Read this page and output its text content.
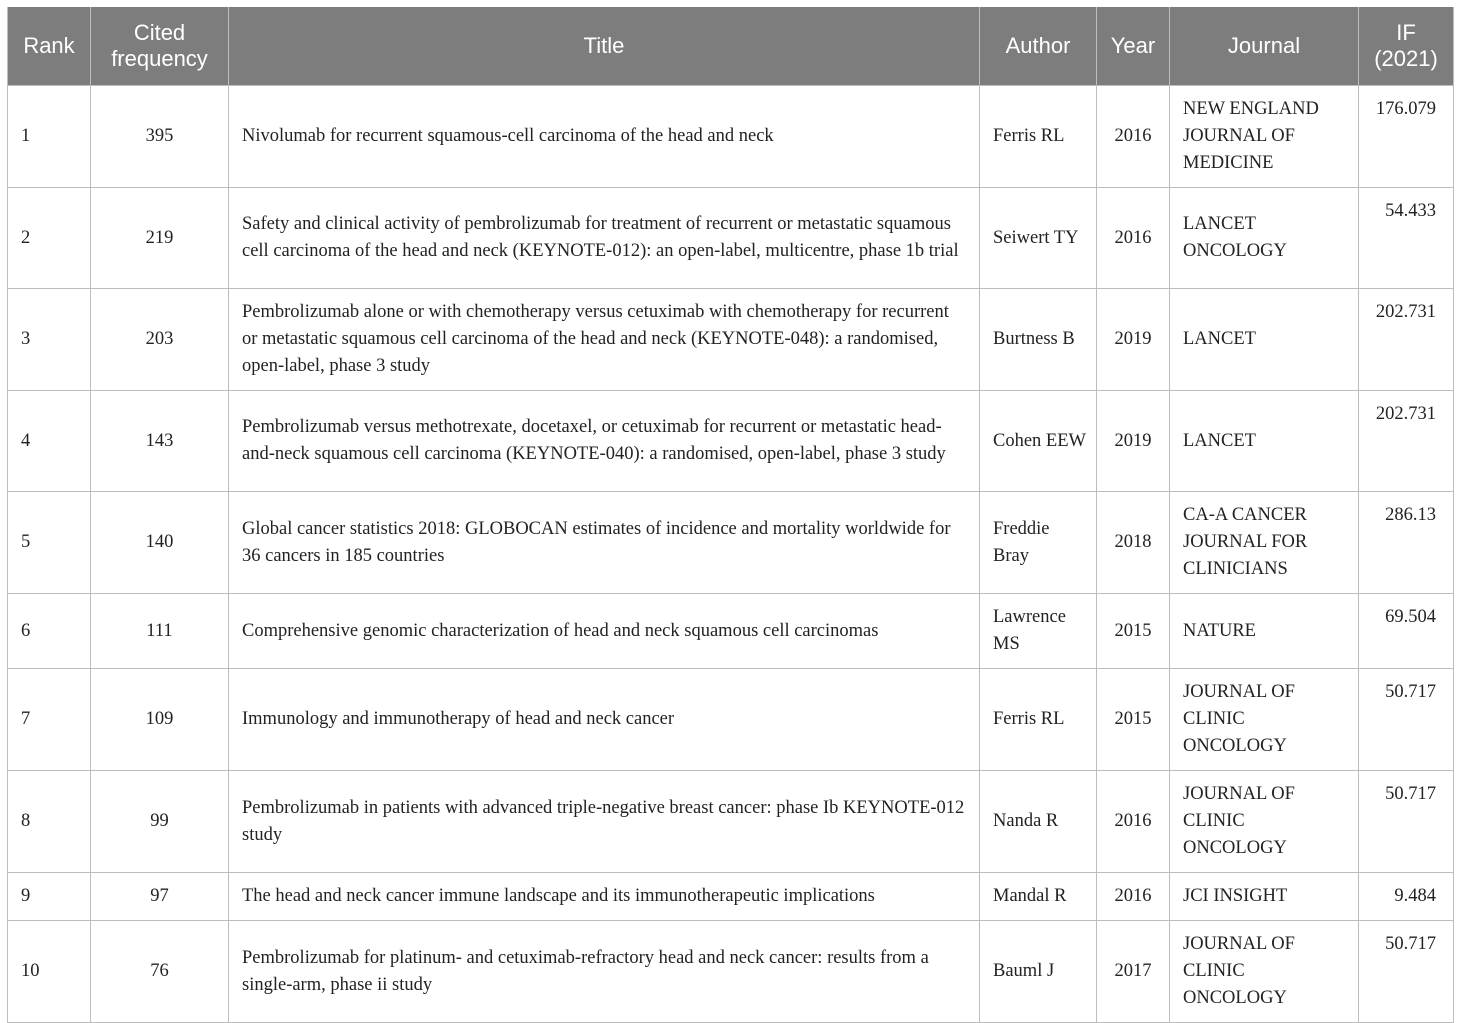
Rank	Cited frequency	Title	Author	Year	Journal	IF (2021)
1	395	Nivolumab for recurrent squamous-cell carcinoma of the head and neck	Ferris RL	2016	NEW ENGLAND JOURNAL OF MEDICINE	176.079
2	219	Safety and clinical activity of pembrolizumab for treatment of recurrent or metastatic squamous cell carcinoma of the head and neck (KEYNOTE-012): an open-label, multicentre, phase 1b trial	Seiwert TY	2016	LANCET ONCOLOGY	54.433
3	203	Pembrolizumab alone or with chemotherapy versus cetuximab with chemotherapy for recurrent or metastatic squamous cell carcinoma of the head and neck (KEYNOTE-048): a randomised, open-label, phase 3 study	Burtness B	2019	LANCET	202.731
4	143	Pembrolizumab versus methotrexate, docetaxel, or cetuximab for recurrent or metastatic head-and-neck squamous cell carcinoma (KEYNOTE-040): a randomised, open-label, phase 3 study	Cohen EEW	2019	LANCET	202.731
5	140	Global cancer statistics 2018: GLOBOCAN estimates of incidence and mortality worldwide for 36 cancers in 185 countries	Freddie Bray	2018	CA-A CANCER JOURNAL FOR CLINICIANS	286.13
6	111	Comprehensive genomic characterization of head and neck squamous cell carcinomas	Lawrence MS	2015	NATURE	69.504
7	109	Immunology and immunotherapy of head and neck cancer	Ferris RL	2015	JOURNAL OF CLINIC ONCOLOGY	50.717
8	99	Pembrolizumab in patients with advanced triple-negative breast cancer: phase Ib KEYNOTE-012 study	Nanda R	2016	JOURNAL OF CLINIC ONCOLOGY	50.717
9	97	The head and neck cancer immune landscape and its immunotherapeutic implications	Mandal R	2016	JCI INSIGHT	9.484
10	76	Pembrolizumab for platinum- and cetuximab-refractory head and neck cancer: results from a single-arm, phase ii study	Bauml J	2017	JOURNAL OF CLINIC ONCOLOGY	50.717
